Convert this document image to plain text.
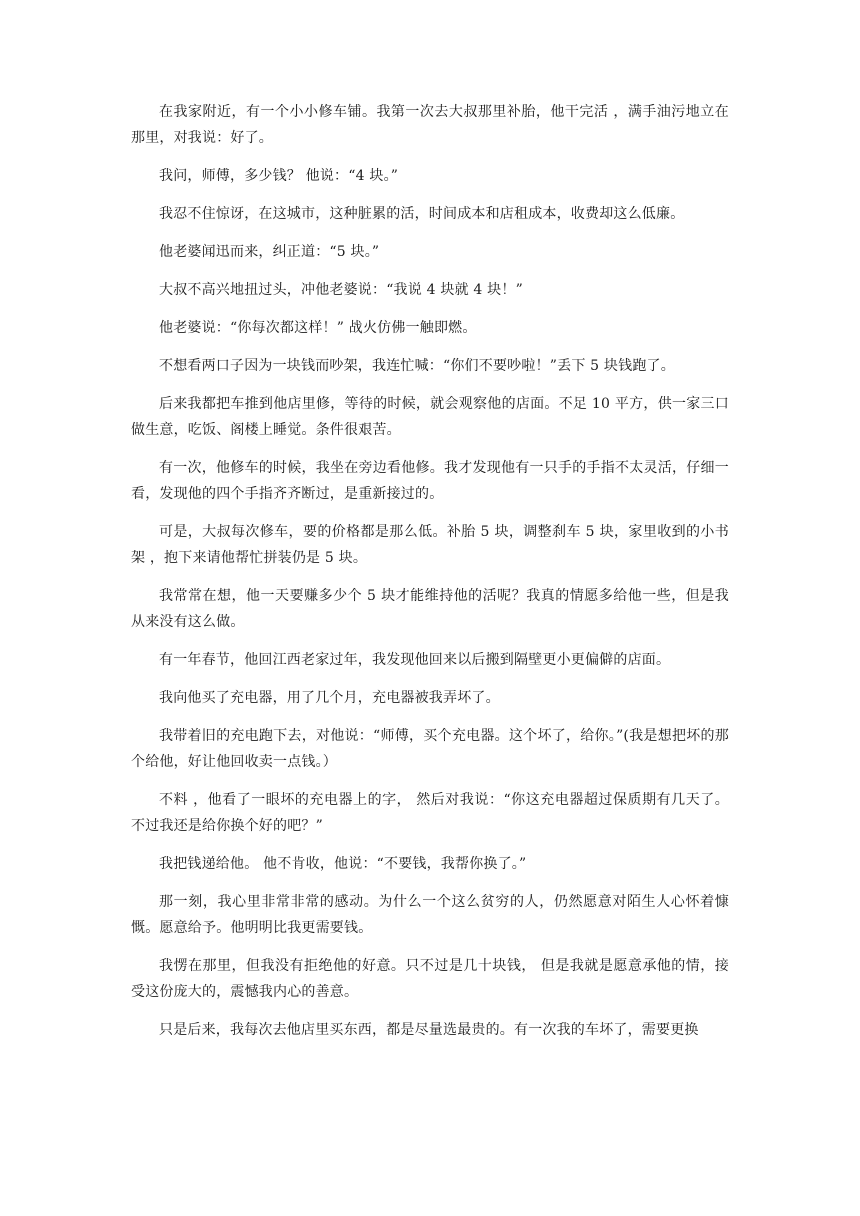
在我家附近，有一个小小修车铺。我第一次去大叔那里补胎，他干完活 ，满手油污地立在那里，对我说：好了。

我问，师傅，多少钱？ 他说：“4 块。”

我忍不住惊讶，在这城市，这种脏累的活，时间成本和店租成本，收费却这么低廉。

他老婆闻迅而来，纠正道：“5 块。”

大叔不高兴地扭过头，冲他老婆说：“我说 4 块就 4 块！”

他老婆说：“你每次都这样！” 战火仿佛一触即燃。

不想看两口子因为一块钱而吵架，我连忙喊：“你们不要吵啦！”丢下 5 块钱跑了。

后来我都把车推到他店里修，等待的时候，就会观察他的店面。不足 10 平方，供一家三口做生意，吃饭、阁楼上睡觉。条件很艰苦。

有一次，他修车的时候，我坐在旁边看他修。我才发现他有一只手的手指不太灵活，仔细一看，发现他的四个手指齐齐断过，是重新接过的。

可是，大叔每次修车，要的价格都是那么低。补胎 5 块，调整刹车 5 块，家里收到的小书架 ，抱下来请他帮忙拼装仍是 5 块。

我常常在想，他一天要赚多少个 5 块才能维持他的活呢？我真的情愿多给他一些，但是我从来没有这么做。

有一年春节，他回江西老家过年，我发现他回来以后搬到隔壁更小更偏僻的店面。

我向他买了充电器，用了几个月，充电器被我弄坏了。

我带着旧的充电跑下去，对他说：“师傅，买个充电器。这个坏了，给你。”(我是想把坏的那个给他，好让他回收卖一点钱。）

不料 ，他看了一眼坏的充电器上的字， 然后对我说：“你这充电器超过保质期有几天了。不过我还是给你换个好的吧？”

我把钱递给他。 他不肯收，他说：“不要钱，我帮你换了。”

那一刻，我心里非常非常的感动。为什么一个这么贫穷的人，仍然愿意对陌生人心怀着慷慨。愿意给予。他明明比我更需要钱。

我愣在那里，但我没有拒绝他的好意。只不过是几十块钱， 但是我就是愿意承他的情，接受这份庞大的，震憾我内心的善意。

只是后来，我每次去他店里买东西，都是尽量选最贵的。有一次我的车坏了，需要更换
